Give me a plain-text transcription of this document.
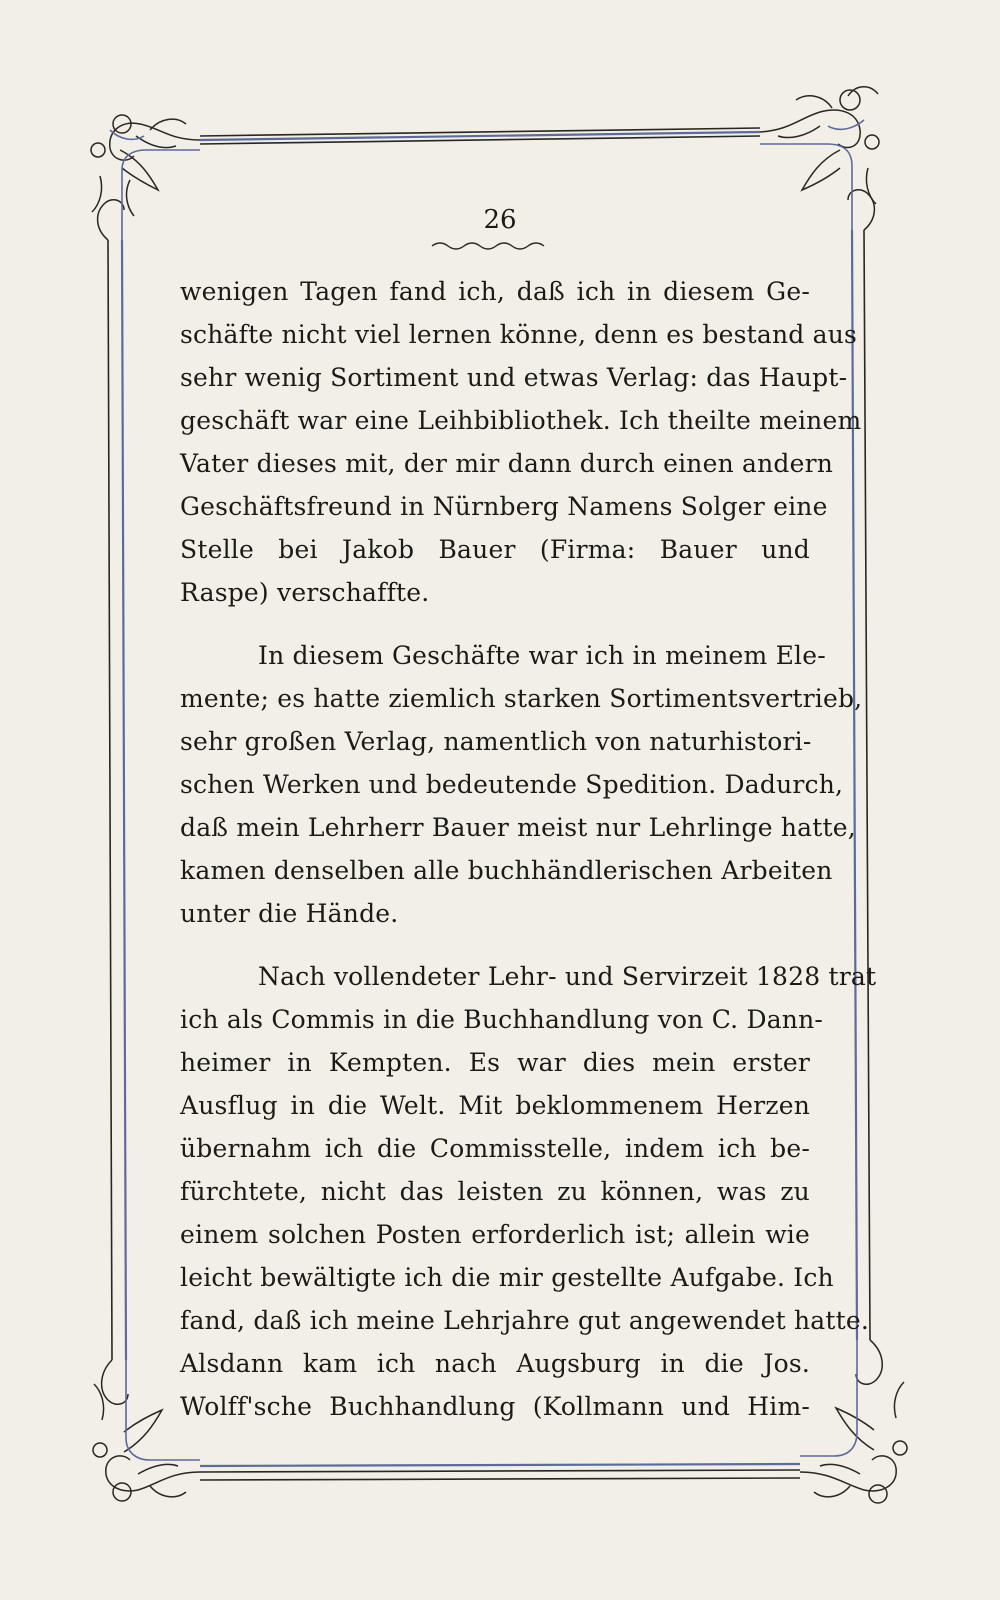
26
wenigen Tagen fand ich, daß ich in diesem Ge-
schäfte nicht viel lernen könne, denn es bestand aus
sehr wenig Sortiment und etwas Verlag: das Haupt-
geschäft war eine Leihbibliothek. Ich theilte meinem
Vater dieses mit, der mir dann durch einen andern
Geschäftsfreund in Nürnberg Namens Solger eine
Stelle bei Jakob Bauer (Firma: Bauer und
Raspe) verschaffte.
In diesem Geschäfte war ich in meinem Ele-
mente; es hatte ziemlich starken Sortimentsvertrieb,
sehr großen Verlag, namentlich von naturhistori-
schen Werken und bedeutende Spedition. Dadurch,
daß mein Lehrherr Bauer meist nur Lehrlinge hatte,
kamen denselben alle buchhändlerischen Arbeiten
unter die Hände.
Nach vollendeter Lehr- und Servirzeit 1828 trat
ich als Commis in die Buchhandlung von C. Dann-
heimer in Kempten. Es war dies mein erster
Ausflug in die Welt. Mit beklommenem Herzen
übernahm ich die Commisstelle, indem ich be-
fürchtete, nicht das leisten zu können, was zu
einem solchen Posten erforderlich ist; allein wie
leicht bewältigte ich die mir gestellte Aufgabe. Ich
fand, daß ich meine Lehrjahre gut angewendet hatte.
Alsdann kam ich nach Augsburg in die Jos.
Wolff'sche Buchhandlung (Kollmann und Him-
